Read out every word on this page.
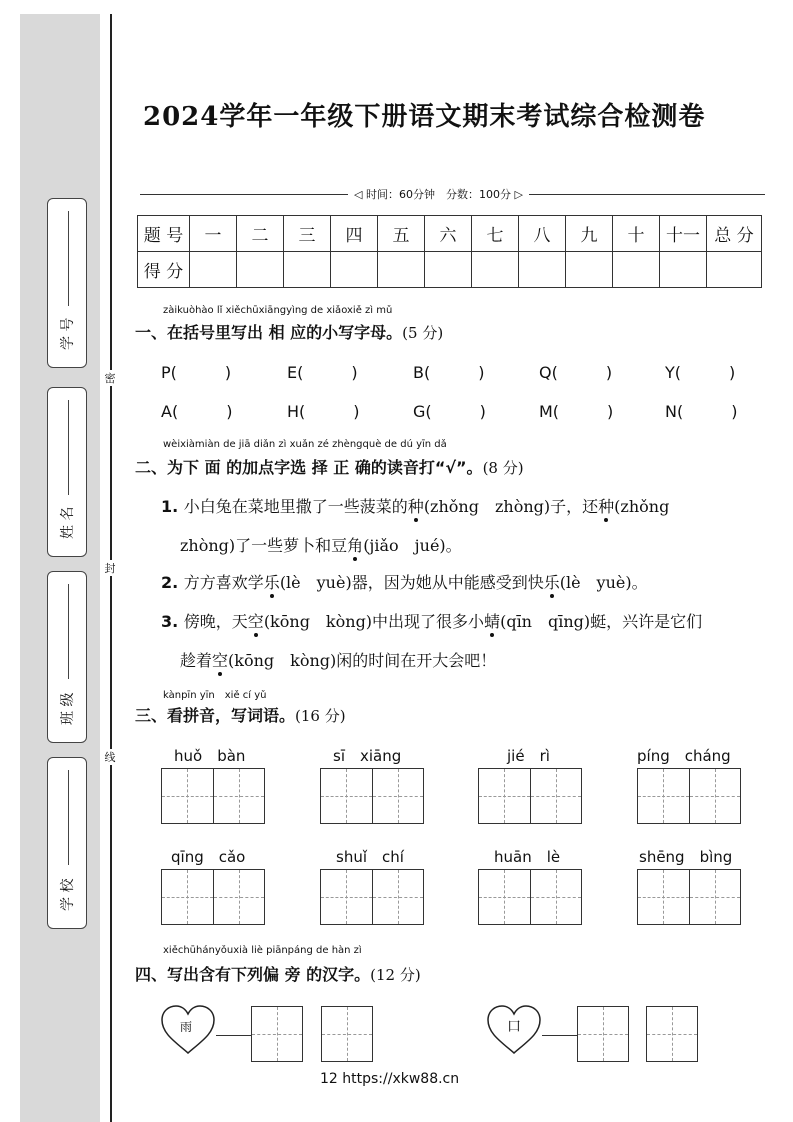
学 号
姓 名
班 级
学 校
密
封
线
2024学年一年级下册语文期末考试综合检测卷
◁ 时间：60分钟　分数：100分 ▷
题 号	一	二	三	四	五	六	七	八	九	十	十一	总 分
得 分												
zàikuòhào lǐ xiěchūxiāngyìng de xiǎoxiě zì mǔ
一、在括号里写出 相 应的小写字母。(5 分)
P(　　　)	E(　　　)	B(　　　)	Q(　　　)	Y(　　　)
A(　　　)	H(　　　)	G(　　　)	M(　　　)	N(　　　)
wèixiàmiàn de jiā diǎn zì xuǎn zé zhèngquè de dú yīn dǎ
二、为下 面 的加点字选 择 正 确的读音打“√”。(8 分)
1. 小白兔在菜地里撒了一些菠菜的种(zhǒng　zhòng)子，还种(zhǒng
zhòng)了一些萝卜和豆角(jiǎo　jué)。
2. 方方喜欢学乐(lè　yuè)器，因为她从中能感受到快乐(lè　yuè)。
3. 傍晚，天空(kōng　kòng)中出现了很多小蜻(qīn　qīng)蜓，兴许是它们
趁着空(kōng　kòng)闲的时间在开大会吧！
kànpīn yīn　xiě cí yǔ
三、看拼音，写词语。(16 分)
huǒ　bàn	sī　xiāng	jié　rì	píng　cháng
qīng　cǎo	shuǐ　chí	huān　lè	shēng　bìng
xiěchūhányǒuxià liè piānpáng de hàn zì
四、写出含有下列偏 旁 的汉字。(12 分)
雨	口
12 https://xkw88.cn
